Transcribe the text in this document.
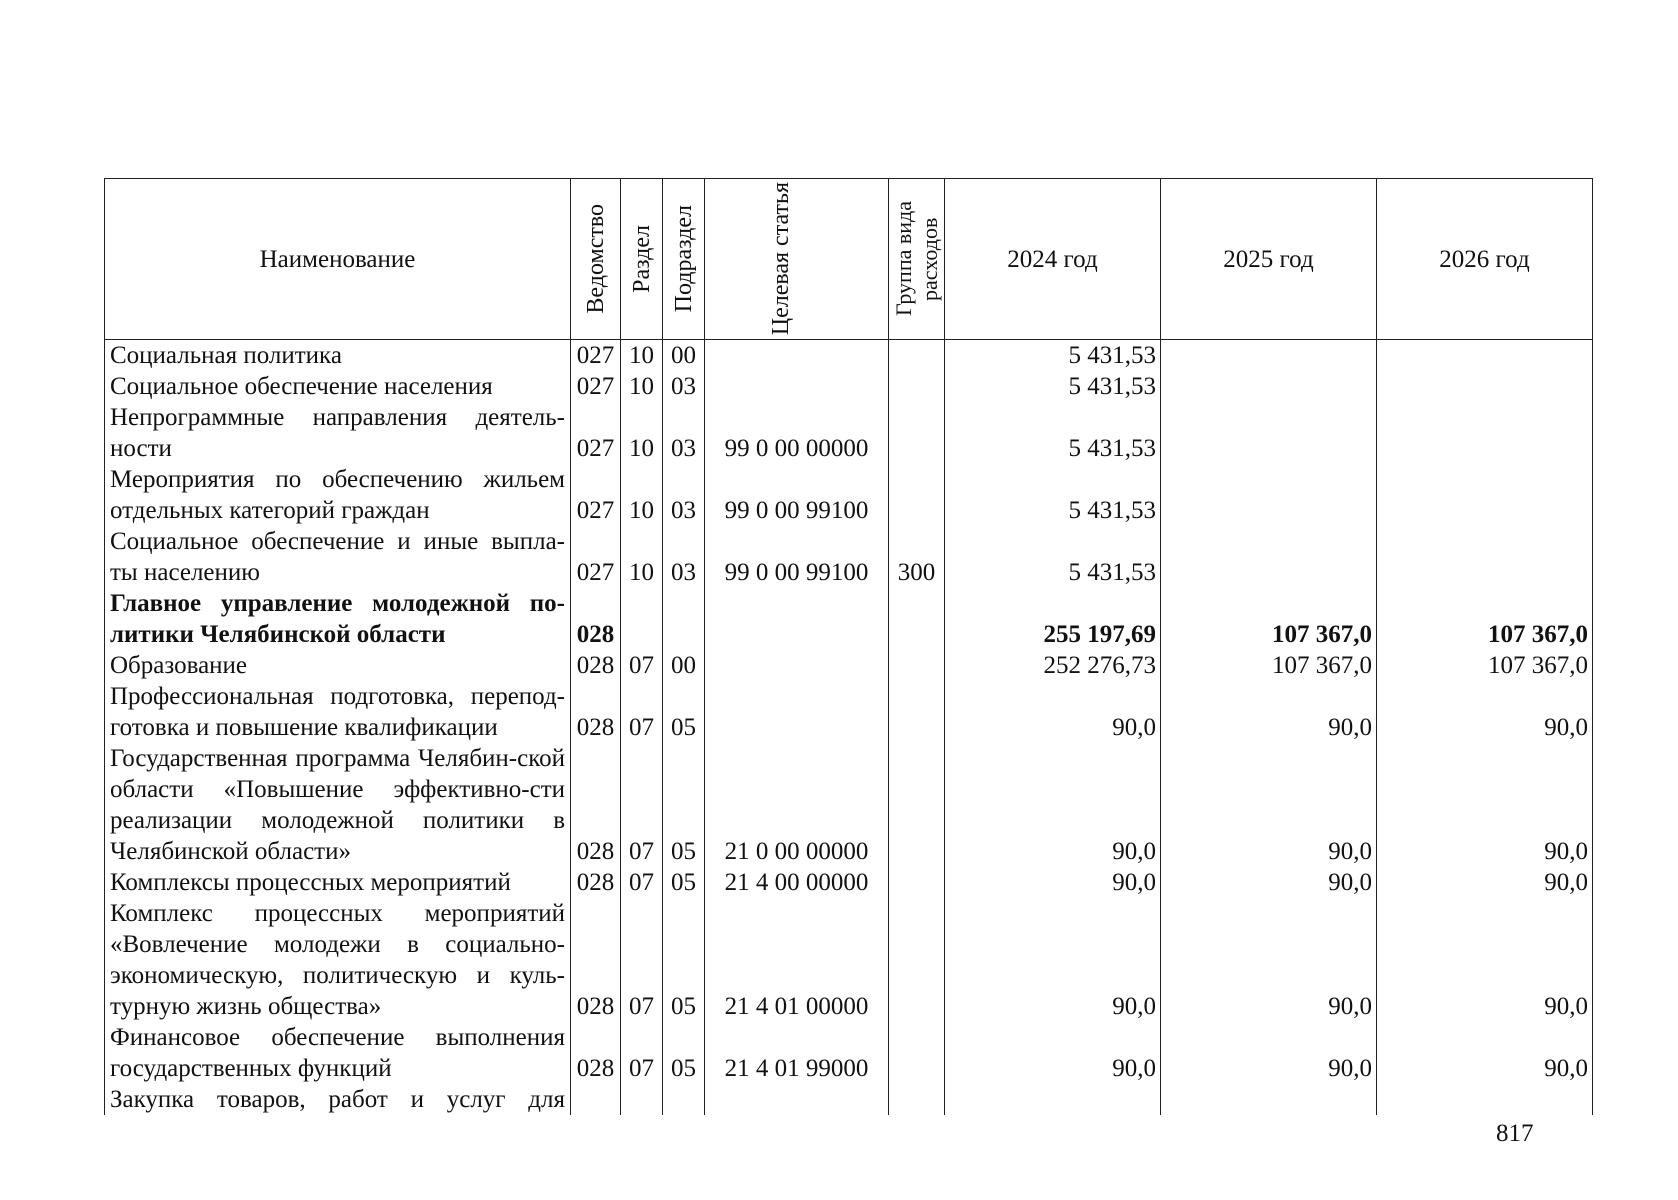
Наименование	Ведомство	Раздел	Подраздел	Целевая статья	Группа вида расходов	2024 год	2025 год	2026 год
Социальная политика	027	10	00			5 431,53		
Социальное обеспечение населения	027	10	03			5 431,53		
Непрограммные направления деятель-ности	027	10	03	99 0 00 00000		5 431,53		
Мероприятия по обеспечению жильем отдельных категорий граждан	027	10	03	99 0 00 99100		5 431,53		
Социальное обеспечение и иные выпла-ты населению	027	10	03	99 0 00 99100	300	5 431,53		
Главное управление молодежной по-литики Челябинской области	028					255 197,69	107 367,0	107 367,0
Образование	028	07	00			252 276,73	107 367,0	107 367,0
Профессиональная подготовка, перепод-готовка и повышение квалификации	028	07	05			90,0	90,0	90,0
Государственная программа Челябин-ской области «Повышение эффективно-сти реализации молодежной политики в Челябинской области»	028	07	05	21 0 00 00000		90,0	90,0	90,0
Комплексы процессных мероприятий	028	07	05	21 4 00 00000		90,0	90,0	90,0
Комплекс процессных мероприятий «Вовлечение молодежи в социально-экономическую, политическую и куль-турную жизнь общества»	028	07	05	21 4 01 00000		90,0	90,0	90,0
Финансовое обеспечение выполнения государственных функций	028	07	05	21 4 01 99000		90,0	90,0	90,0
Закупка товаров, работ и услуг для								
817
